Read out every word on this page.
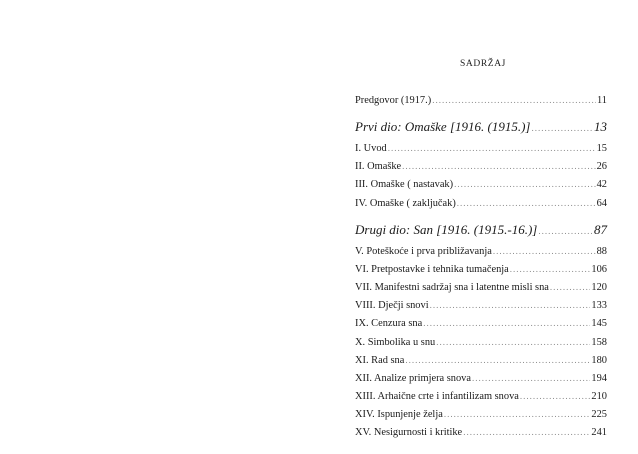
SADRŽAJ
Predgovor (1917.) .....	11
Prvi dio: Omaške [1916. (1915.)] .....	13
I. Uvod .....	15
II. Omaške .....	26
III. Omaške ( nastavak) .....	42
IV. Omaške ( zaključak) .....	64
Drugi dio: San [1916. (1915.-16.)] .....	87
V. Poteškoće i prva približavanja .....	88
VI. Pretpostavke i tehnika tumačenja .....	106
VII. Manifestni sadržaj sna i latentne misli sna .....	120
VIII. Dječji snovi .....	133
IX. Cenzura sna .....	145
X. Simbolika u snu .....	158
XI. Rad sna .....	180
XII. Analize primjera snova .....	194
XIII. Arhaične crte i infantilizam snova .....	210
XIV. Ispunjenje želja .....	225
XV. Nesigurnosti i kritike .....	241
